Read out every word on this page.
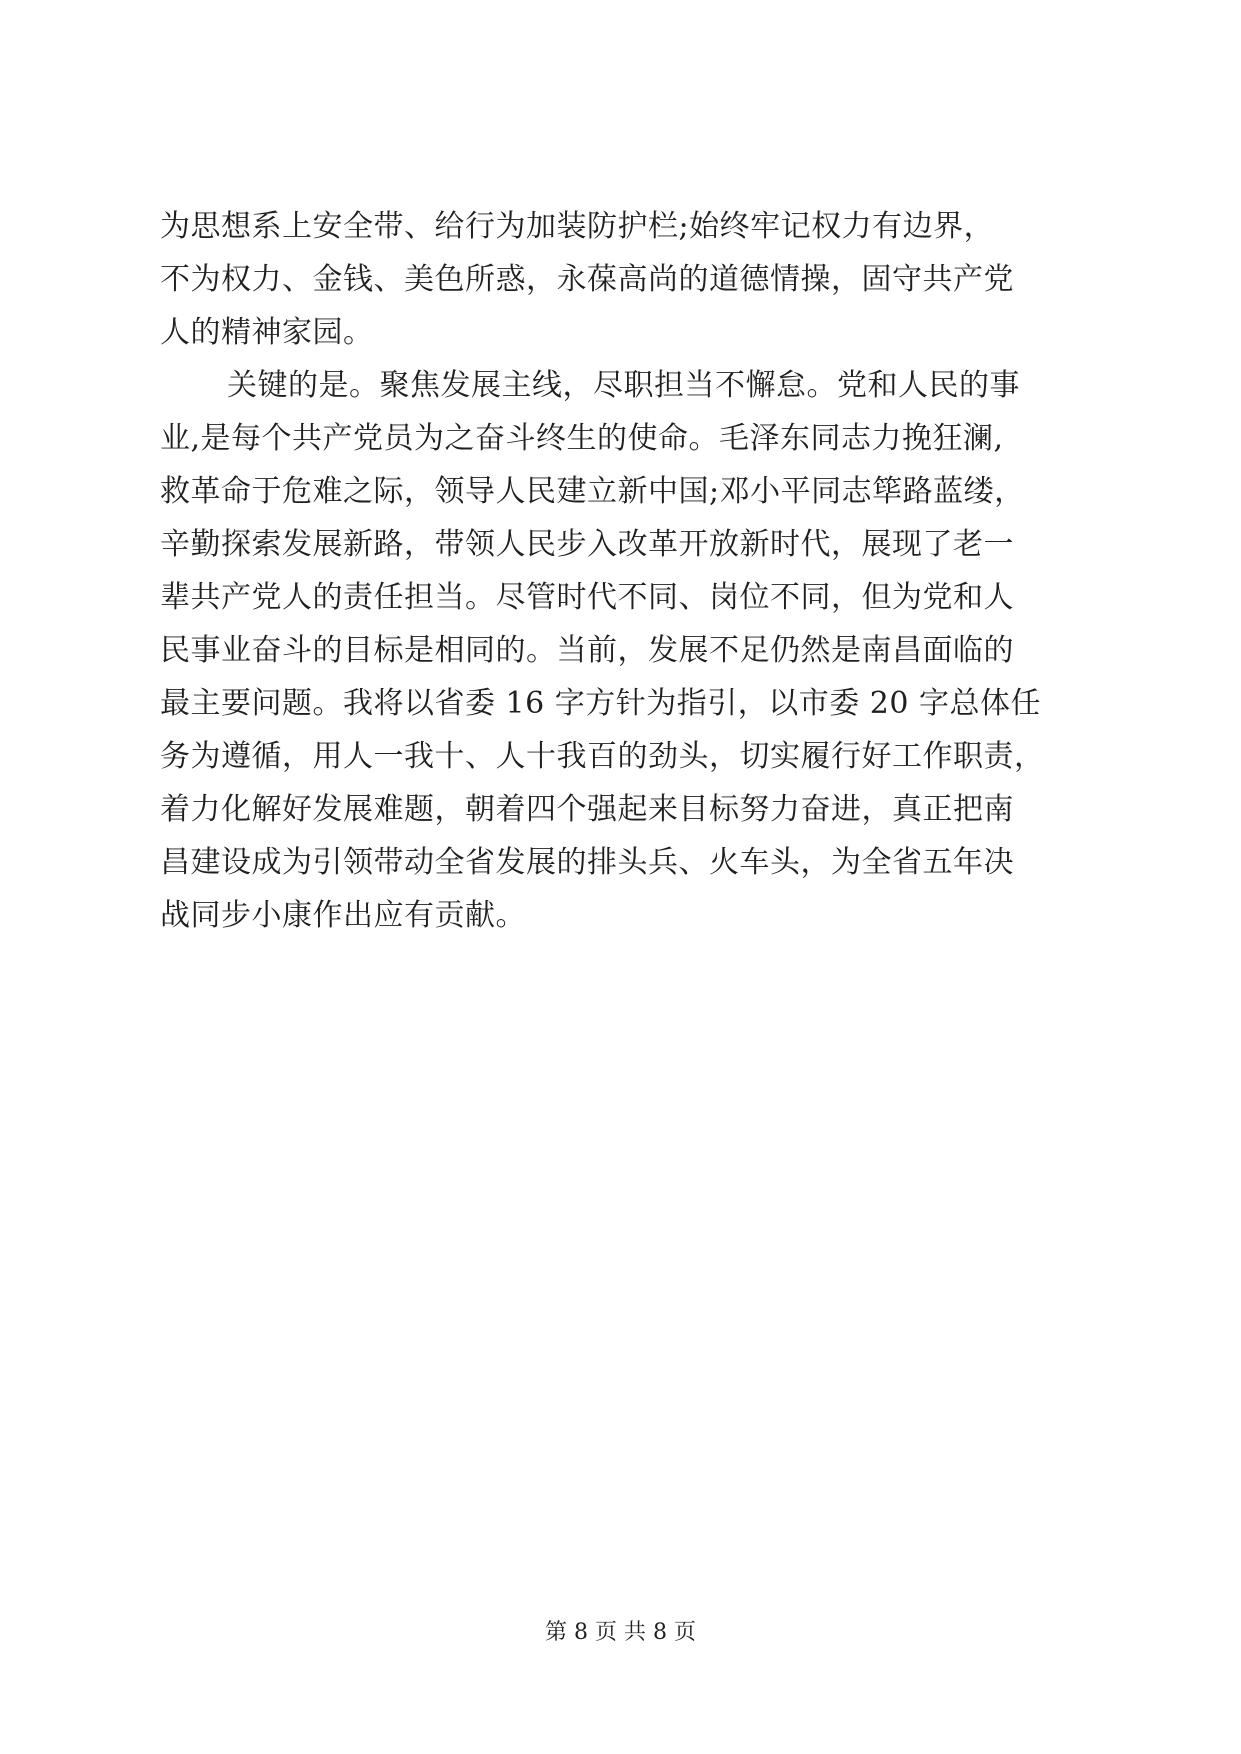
为思想系上安全带、给行为加装防护栏;始终牢记权力有边界，
不为权力、金钱、美色所惑，永葆高尚的道德情操，固守共产党
人的精神家园。
关键的是。聚焦发展主线，尽职担当不懈怠。党和人民的事
业,是每个共产党员为之奋斗终生的使命。毛泽东同志力挽狂澜,
救革命于危难之际，领导人民建立新中国;邓小平同志筚路蓝缕，
辛勤探索发展新路，带领人民步入改革开放新时代，展现了老一
辈共产党人的责任担当。尽管时代不同、岗位不同，但为党和人
民事业奋斗的目标是相同的。当前，发展不足仍然是南昌面临的
最主要问题。我将以省委 16 字方针为指引，以市委 20 字总体任
务为遵循，用人一我十、人十我百的劲头，切实履行好工作职责，
着力化解好发展难题，朝着四个强起来目标努力奋进，真正把南
昌建设成为引领带动全省发展的排头兵、火车头，为全省五年决
战同步小康作出应有贡献。
第 8 页 共 8 页
